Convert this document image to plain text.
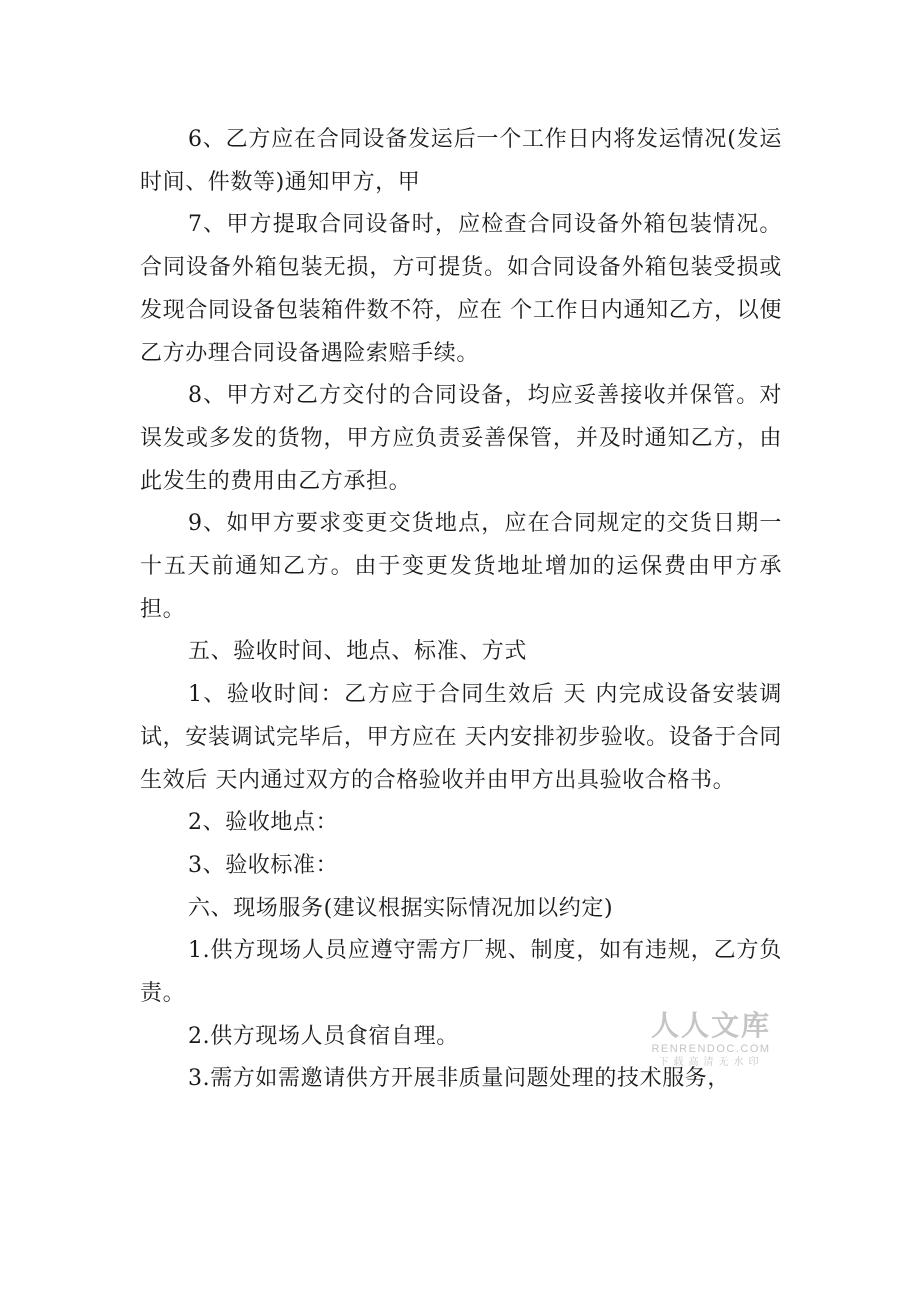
6、乙方应在合同设备发运后一个工作日内将发运情况(发运时间、件数等)通知甲方，甲

7、甲方提取合同设备时，应检查合同设备外箱包装情况。合同设备外箱包装无损，方可提货。如合同设备外箱包装受损或发现合同设备包装箱件数不符，应在 个工作日内通知乙方，以便乙方办理合同设备遇险索赔手续。

8、甲方对乙方交付的合同设备，均应妥善接收并保管。对误发或多发的货物，甲方应负责妥善保管，并及时通知乙方，由此发生的费用由乙方承担。

9、如甲方要求变更交货地点，应在合同规定的交货日期一十五天前通知乙方。由于变更发货地址增加的运保费由甲方承担。

五、验收时间、地点、标准、方式

1、验收时间：乙方应于合同生效后 天 内完成设备安装调试，安装调试完毕后，甲方应在 天内安排初步验收。设备于合同生效后 天内通过双方的合格验收并由甲方出具验收合格书。

2、验收地点：

3、验收标准：

六、现场服务(建议根据实际情况加以约定)

1.供方现场人员应遵守需方厂规、制度，如有违规，乙方负责。

2.供方现场人员食宿自理。

3.需方如需邀请供方开展非质量问题处理的技术服务，

人人文库
RENRENDOC.COM
下载高清无水印
